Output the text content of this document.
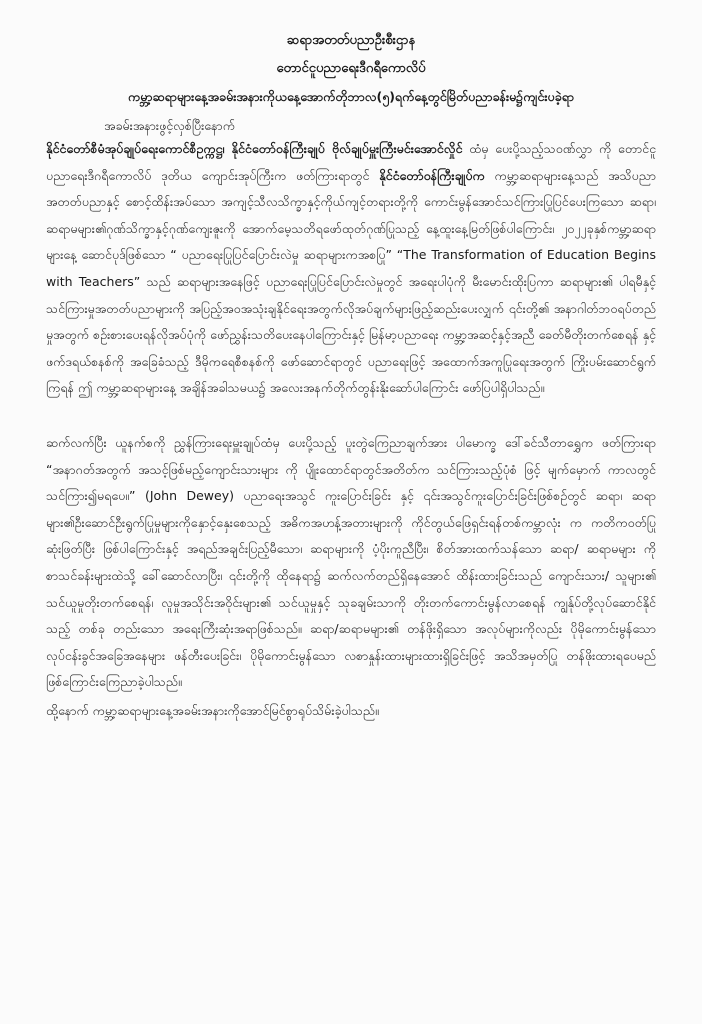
ဆရာအတတ်ပညာဦးစီးဌာန
တောင်ငူပညာရေးဒီဂရီကောလိပ်
ကမ္ဘာ့ဆရာများနေ့အခမ်းအနားကိုယနေ့အောက်တိုဘာလ(၅)ရက်နေ့တွင်မြိတ်ပညာခန်းမ၌ကျင်းပခဲ့ရာ
အခမ်းအနားဖွင့်လှစ်ပြီးနောက်

နိုင်ငံတော်စီမံအုပ်ချုပ်ရေးကောင်စီဥက္ကဋ္ဌ၊ နိုင်ငံတော်ဝန်ကြီးချုပ် ဗိုလ်ချုပ်မှူးကြီးမင်းအောင်လှိုင် ထံမှ ပေးပို့သည့်သဝဏ်လွှာ ကို တောင်ငူပညာရေးဒီဂရီကောလိပ် ဒုတိယ ကျောင်းအုပ်ကြီးက ဖတ်ကြားရာတွင် နိုင်ငံတော်ဝန်ကြီးချုပ်က ကမ္ဘာ့ဆရာများနေ့သည် အသိပညာအတတ်ပညာနှင့် စောင့်ထိန်းအပ်သော အကျင့်သီလသိက္ခာနှင့်ကိုယ်ကျင့်တရားတို့ကို ကောင်းမွန်အောင်သင်ကြားပြုပြင်ပေးကြသော ဆရာ၊ဆရာမများ၏ဂုဏ်သိက္ခာနှင့်ဂုဏ်ကျေးဇူးကို အောက်မေ့သတိရဖော်ထုတ်ဂုဏ်ပြုသည့် နေ့ထူးနေ့မြတ်ဖြစ်ပါကြောင်း၊ ၂၀၂၂ခုနှစ်ကမ္ဘာ့ဆရာများနေ့ ဆောင်ပုဒ်ဖြစ်သော “ ပညာရေးပြုပြင်ပြောင်းလဲမှု ဆရာများကအစပြု” “The Transformation of Education Begins with Teachers” သည် ဆရာများအနေဖြင့် ပညာရေးပြုပြင်ပြောင်းလဲမှုတွင် အရေးပါပုံကို မီးမောင်းထိုးပြကာ ဆရာများ၏ ပါရမီနှင့် သင်ကြားမှုအတတ်ပညာများကို အပြည့်အဝအသုံးချနိုင်ရေးအတွက်လိုအပ်ချက်များဖြည့်ဆည်းပေးလျှက် ၎င်းတို့၏ အနာဂါတ်ဘဝရပ်တည်မှုအတွက် စဉ်းစားပေးရန်လိုအပ်ပုံကို ဖော်ညွှန်းသတိပေးနေပါကြောင်းနှင့် မြန်မာ့ပညာရေး ကမ္ဘာ့အဆင့်နှင့်အညီ ခေတ်မီတိုးတက်စေရန် နှင့် ဖက်ဒရယ်စနစ်ကို အခြေခံသည့် ဒီမိုကရေစီစနစ်ကို ဖော်ဆောင်ရာတွင် ပညာရေးဖြင့် အထောက်အကူပြုရေးအတွက် ကြိုးပမ်းဆောင်ရွက်ကြရန် ဤ ကမ္ဘာ့ဆရာများနေ့ အချိန်အခါသမယ၌ အလေးအနက်တိုက်တွန်းနိုးဆော်ပါကြောင်း ဖော်ပြပါရှိပါသည်။

ဆက်လက်ပြီး ယူနက်စကို ညွှန်ကြားရေးမှူးချုပ်ထံမှ ပေးပို့သည့် ပူးတွဲကြေညာချက်အား ပါမောက္ခ ဒေါ်ခင်သီတာရွှေက ဖတ်ကြားရာ “အနာဂတ်အတွက် အသင့်ဖြစ်မည့်ကျောင်းသားများ ကို ပျိုးထောင်ရာတွင်အတိတ်က သင်ကြားသည့်ပုံစံ ဖြင့် မျက်မှောက် ကာလတွင်သင်ကြား၍မရပေ။” (John Dewey) ပညာရေးအသွင် ကူးပြောင်းခြင်း နှင့် ၎င်းအသွင်ကူးပြောင်းခြင်းဖြစ်စဉ်တွင် ဆရာ၊ ဆရာများ၏ဦးဆောင်ဦးရွက်ပြုမှုများကိုနှောင့်နှေးစေသည့် အဓိကအဟန့်အတားများကို ကိုင်တွယ်ဖြေရှင်းရန်တစ်ကမ္ဘာလုံး က ကတိကဝတ်ပြုဆုံးဖြတ်ပြီး ဖြစ်ပါကြောင်းနှင့် အရည်အချင်းပြည့်မီသော၊ ဆရာများကို ပံ့ပိုးကူညီပြီး၊ စိတ်အားထက်သန်သော ဆရာ/ ဆရာမများ ကို စာသင်ခန်းများထဲသို့ ခေါ်ဆောင်လာပြီး၊ ၎င်းတို့ကို ထိုနေရာ၌ ဆက်လက်တည်ရှိနေအောင် ထိန်းထားခြင်းသည် ကျောင်းသား/ သူများ၏ သင်ယူမှုတိုးတက်စေရန်၊ လူမှုအသိုင်းအဝိုင်းများ၏ သင်ယူမှုနှင့် သုခချမ်းသာကို တိုးတက်ကောင်းမွန်လာစေရန် ကျွန်ုပ်တို့လုပ်ဆောင်နိုင်သည့် တစ်ခု တည်းသော အရေးကြီးဆုံးအရာဖြစ်သည်။ ဆရာ/ဆရာမများ၏ တန်ဖိုးရှိသော အလုပ်များကိုလည်း ပိုမိုကောင်းမွန်သော လုပ်ငန်းခွင်အခြေအနေများ ဖန်တီးပေးခြင်း၊ ပိုမိုကောင်းမွန်သော လစာနှုန်းထားများထားရှိခြင်းဖြင့် အသိအမှတ်ပြု တန်ဖိုးထားရပေမည်ဖြစ်ကြောင်းကြေညာခဲ့ပါသည်။

ထို့နောက် ကမ္ဘာ့ဆရာများနေ့အခမ်းအနားကိုအောင်မြင်စွာရုပ်သိမ်းခဲ့ပါသည်။
